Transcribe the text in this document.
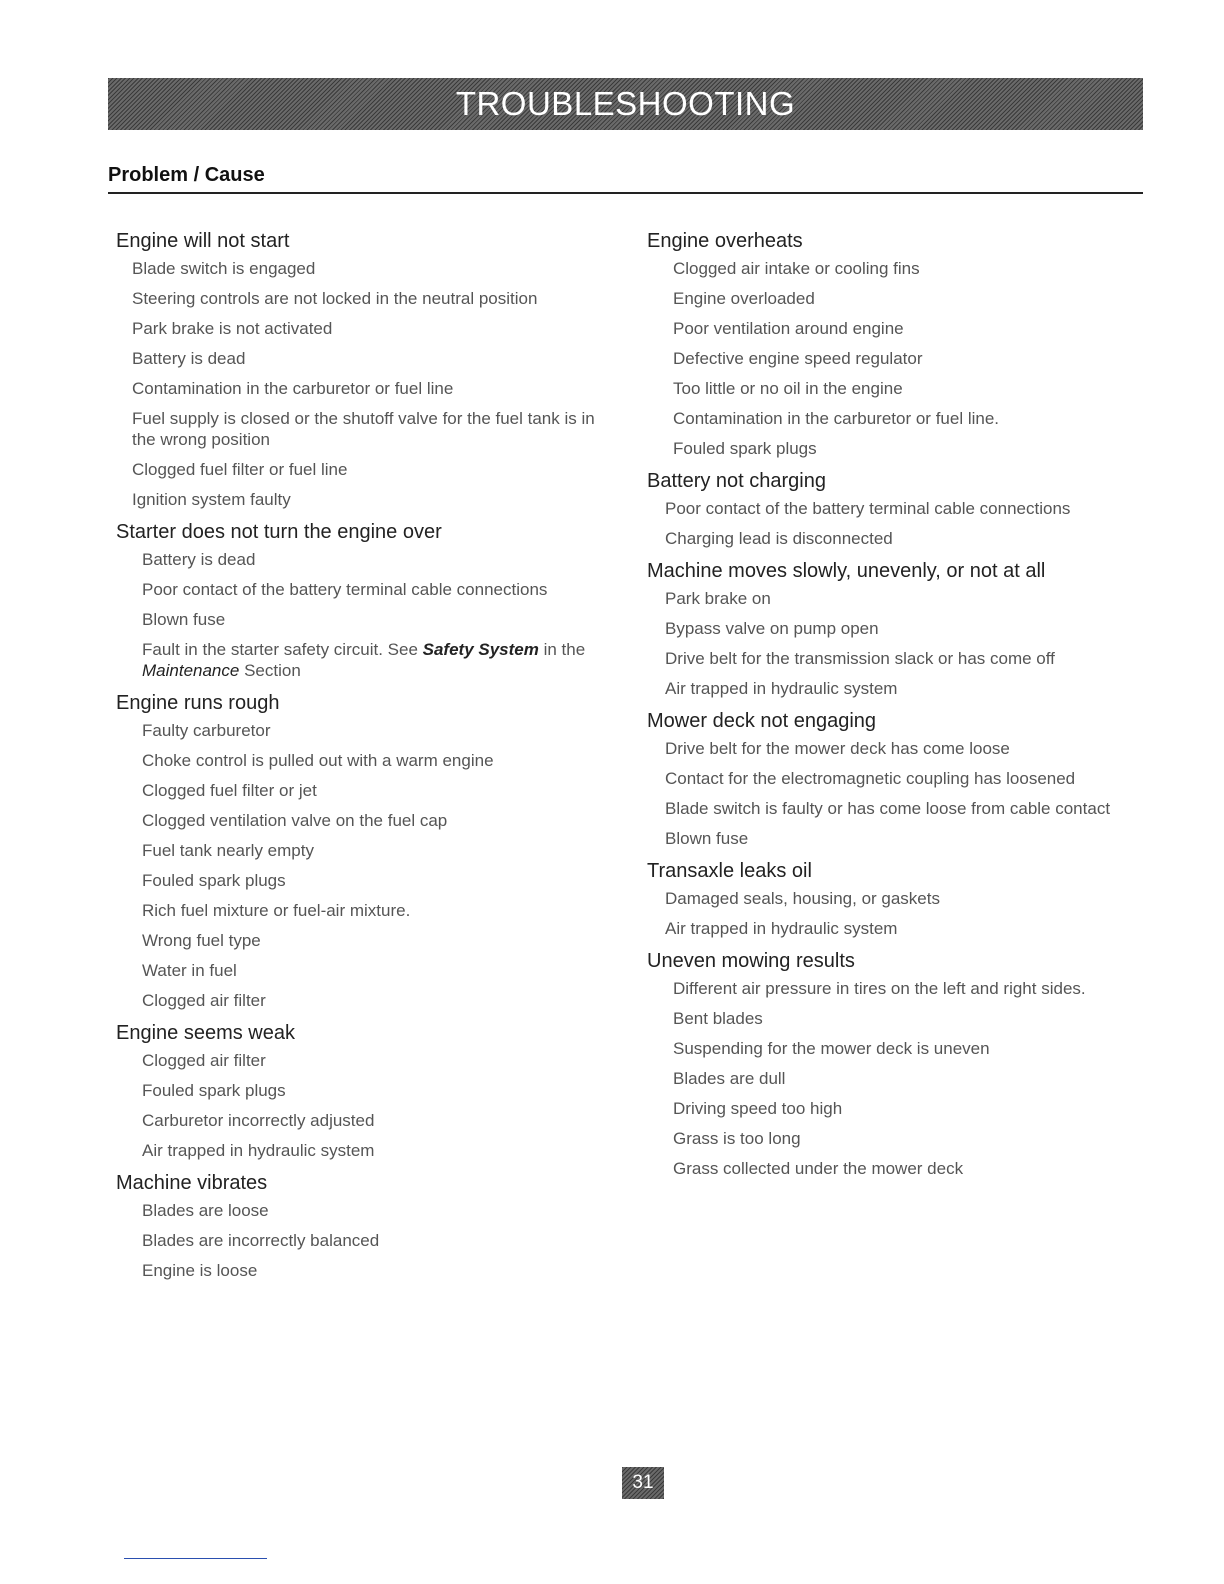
TROUBLESHOOTING
Problem / Cause
Engine will not start
Blade switch is engaged
Steering controls are not locked in the neutral position
Park brake is not activated
Battery is dead
Contamination in the carburetor or fuel line
Fuel supply is closed or the shutoff valve for the fuel tank is in the wrong position
Clogged fuel filter or fuel line
Ignition system faulty
Starter does not turn the engine over
Battery is dead
Poor contact of the battery terminal cable connections
Blown fuse
Fault in the starter safety circuit. See Safety System in the Maintenance Section
Engine runs rough
Faulty carburetor
Choke control is pulled out with a warm engine
Clogged fuel filter or jet
Clogged ventilation valve on the fuel cap
Fuel tank nearly empty
Fouled spark plugs
Rich fuel mixture or fuel-air mixture.
Wrong fuel type
Water in fuel
Clogged air filter
Engine seems weak
Clogged air filter
Fouled spark plugs
Carburetor incorrectly adjusted
Air trapped in hydraulic system
Machine vibrates
Blades are loose
Blades are incorrectly balanced
Engine is loose
Engine overheats
Clogged air intake or cooling fins
Engine overloaded
Poor ventilation around engine
Defective engine speed regulator
Too little or no oil in the engine
Contamination in the carburetor or fuel line.
Fouled spark plugs
Battery not charging
Poor contact of the battery terminal cable connections
Charging lead is disconnected
Machine moves slowly, unevenly, or not at all
Park brake on
Bypass valve on pump open
Drive belt for the transmission slack or has come off
Air trapped in hydraulic system
Mower deck not engaging
Drive belt for the mower deck has come loose
Contact for the electromagnetic coupling has loosened
Blade switch is faulty or has come loose from cable contact
Blown fuse
Transaxle leaks oil
Damaged seals, housing, or gaskets
Air trapped in hydraulic system
Uneven mowing results
Different air pressure in tires on the left and right sides.
Bent blades
Suspending for the mower deck is uneven
Blades are dull
Driving speed too high
Grass is too long
Grass collected under the mower deck
31
